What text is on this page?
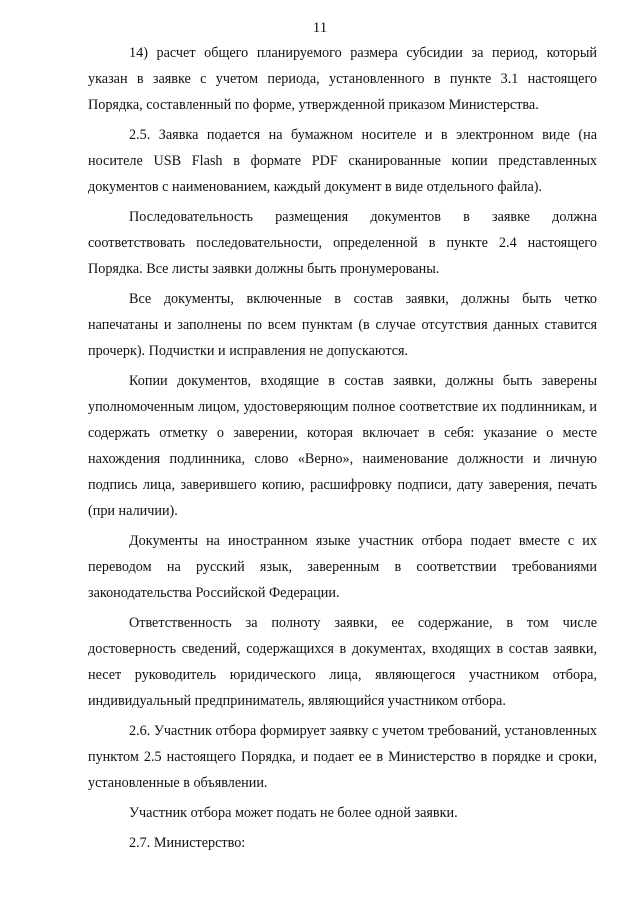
11

14) расчет общего планируемого размера субсидии за период, который указан в заявке с учетом периода, установленного в пункте 3.1 настоящего Порядка, составленный по форме, утвержденной приказом Министерства.

2.5. Заявка подается на бумажном носителе и в электронном виде (на носителе USB Flash в формате PDF сканированные копии представленных документов с наименованием, каждый документ в виде отдельного файла).

Последовательность размещения документов в заявке должна соответствовать последовательности, определенной в пункте 2.4 настоящего Порядка. Все листы заявки должны быть пронумерованы.

Все документы, включенные в состав заявки, должны быть четко напечатаны и заполнены по всем пунктам (в случае отсутствия данных ставится прочерк). Подчистки и исправления не допускаются.

Копии документов, входящие в состав заявки, должны быть заверены уполномоченным лицом, удостоверяющим полное соответствие их подлинникам, и содержать отметку о заверении, которая включает в себя: указание о месте нахождения подлинника, слово «Верно», наименование должности и личную подпись лица, заверившего копию, расшифровку подписи, дату заверения, печать (при наличии).

Документы на иностранном языке участник отбора подает вместе с их переводом на русский язык, заверенным в соответствии требованиями законодательства Российской Федерации.

Ответственность за полноту заявки, ее содержание, в том числе достоверность сведений, содержащихся в документах, входящих в состав заявки, несет руководитель юридического лица, являющегося участником отбора, индивидуальный предприниматель, являющийся участником отбора.

2.6. Участник отбора формирует заявку с учетом требований, установленных пунктом 2.5 настоящего Порядка, и подает ее в Министерство в порядке и сроки, установленные в объявлении.

Участник отбора может подать не более одной заявки.

2.7. Министерство:
